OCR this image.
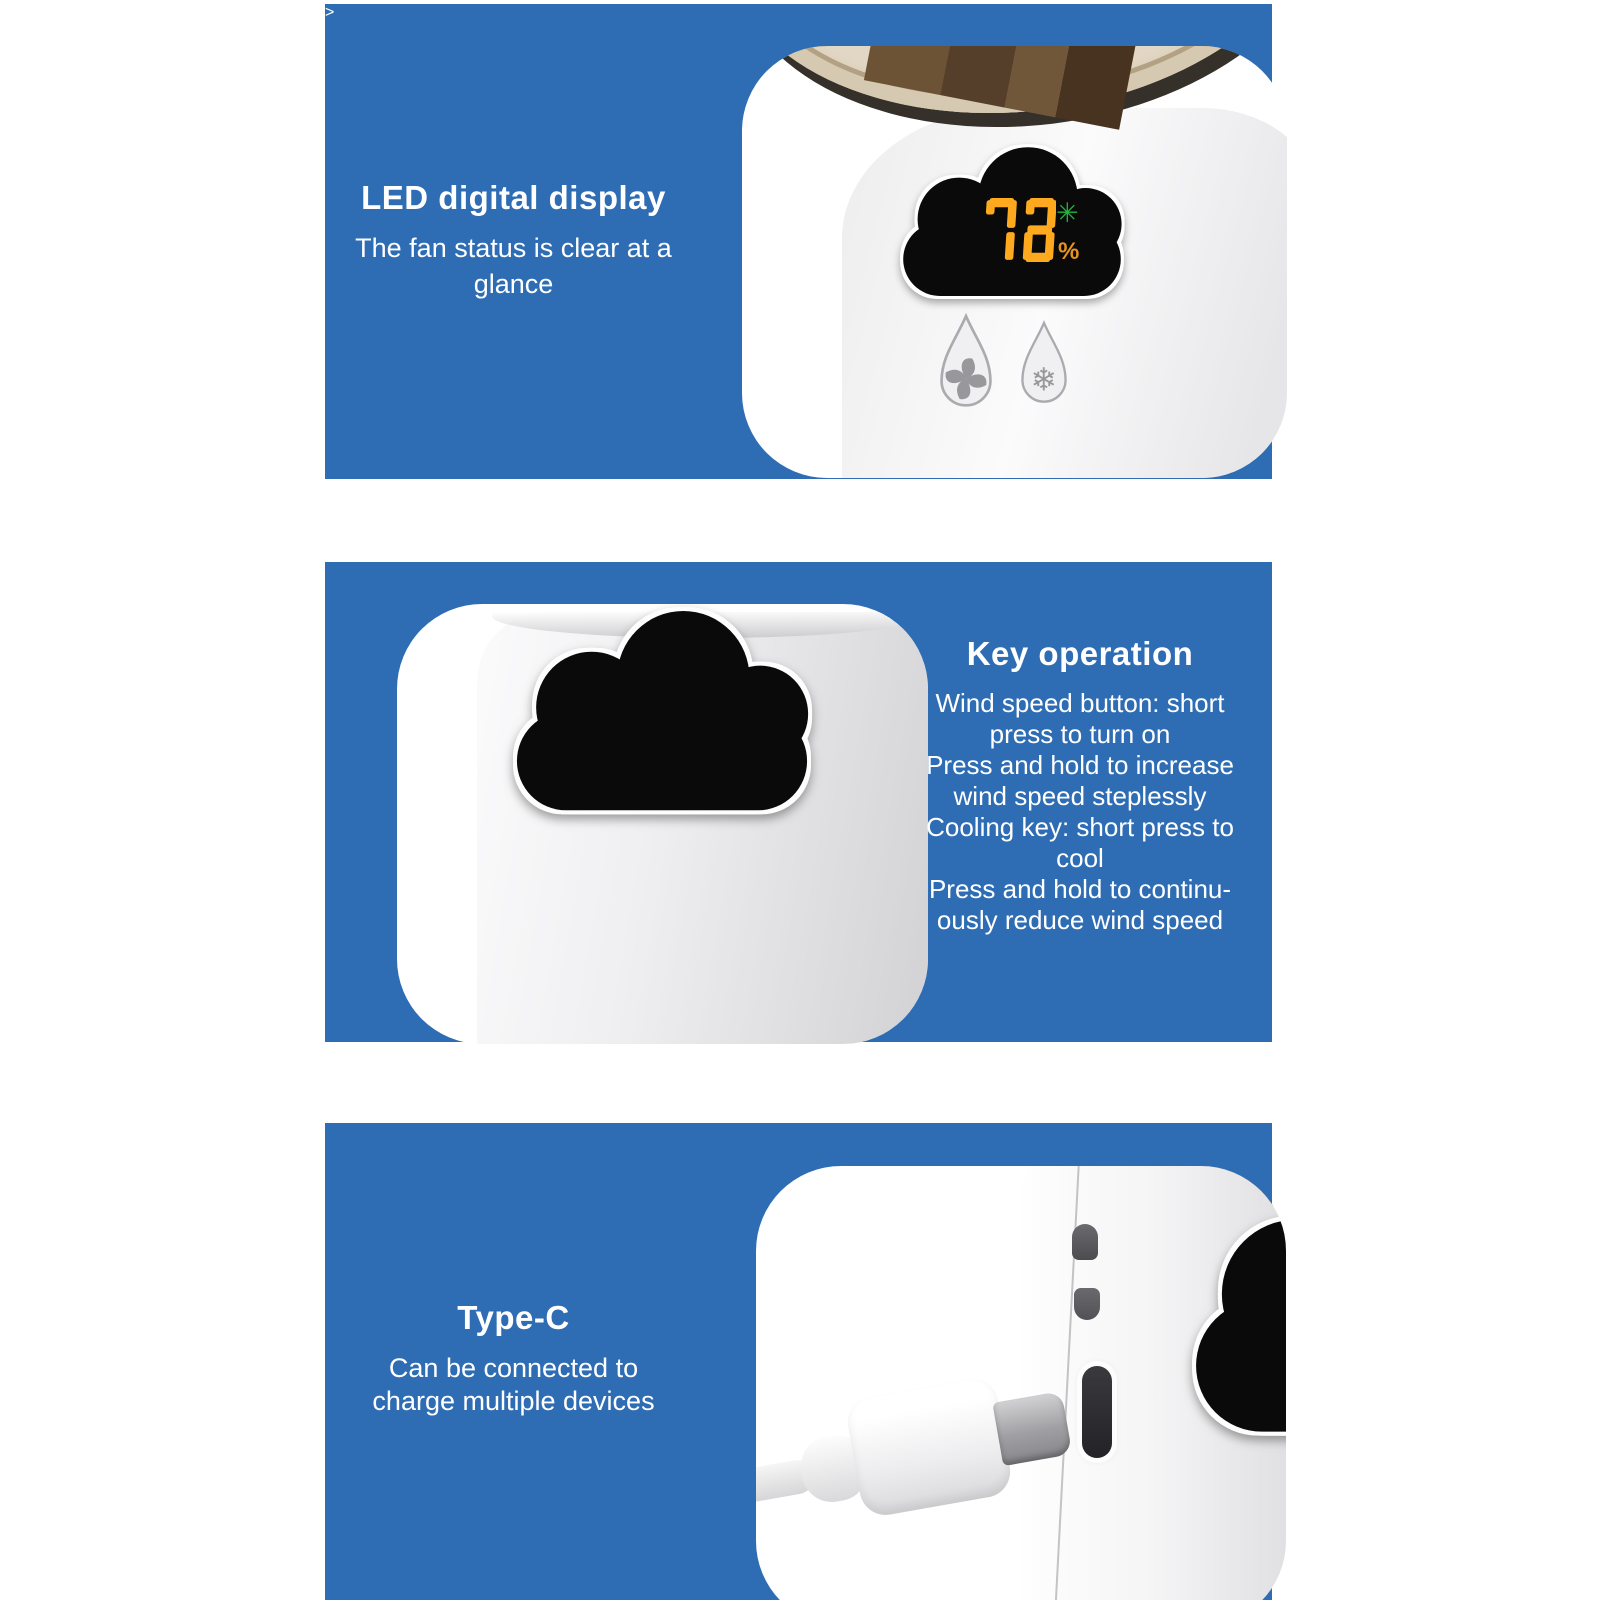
>
LED digital display

The fan status is clear at a
glance

✳
%
❄
Key operation
Wind speed button: short
press to turn on
Press and hold to increase
wind speed steplessly
Cooling key: short press to
cool
Press and hold to continu-
ously reduce wind speed
Type-C

Can be connected to
charge multiple devices
